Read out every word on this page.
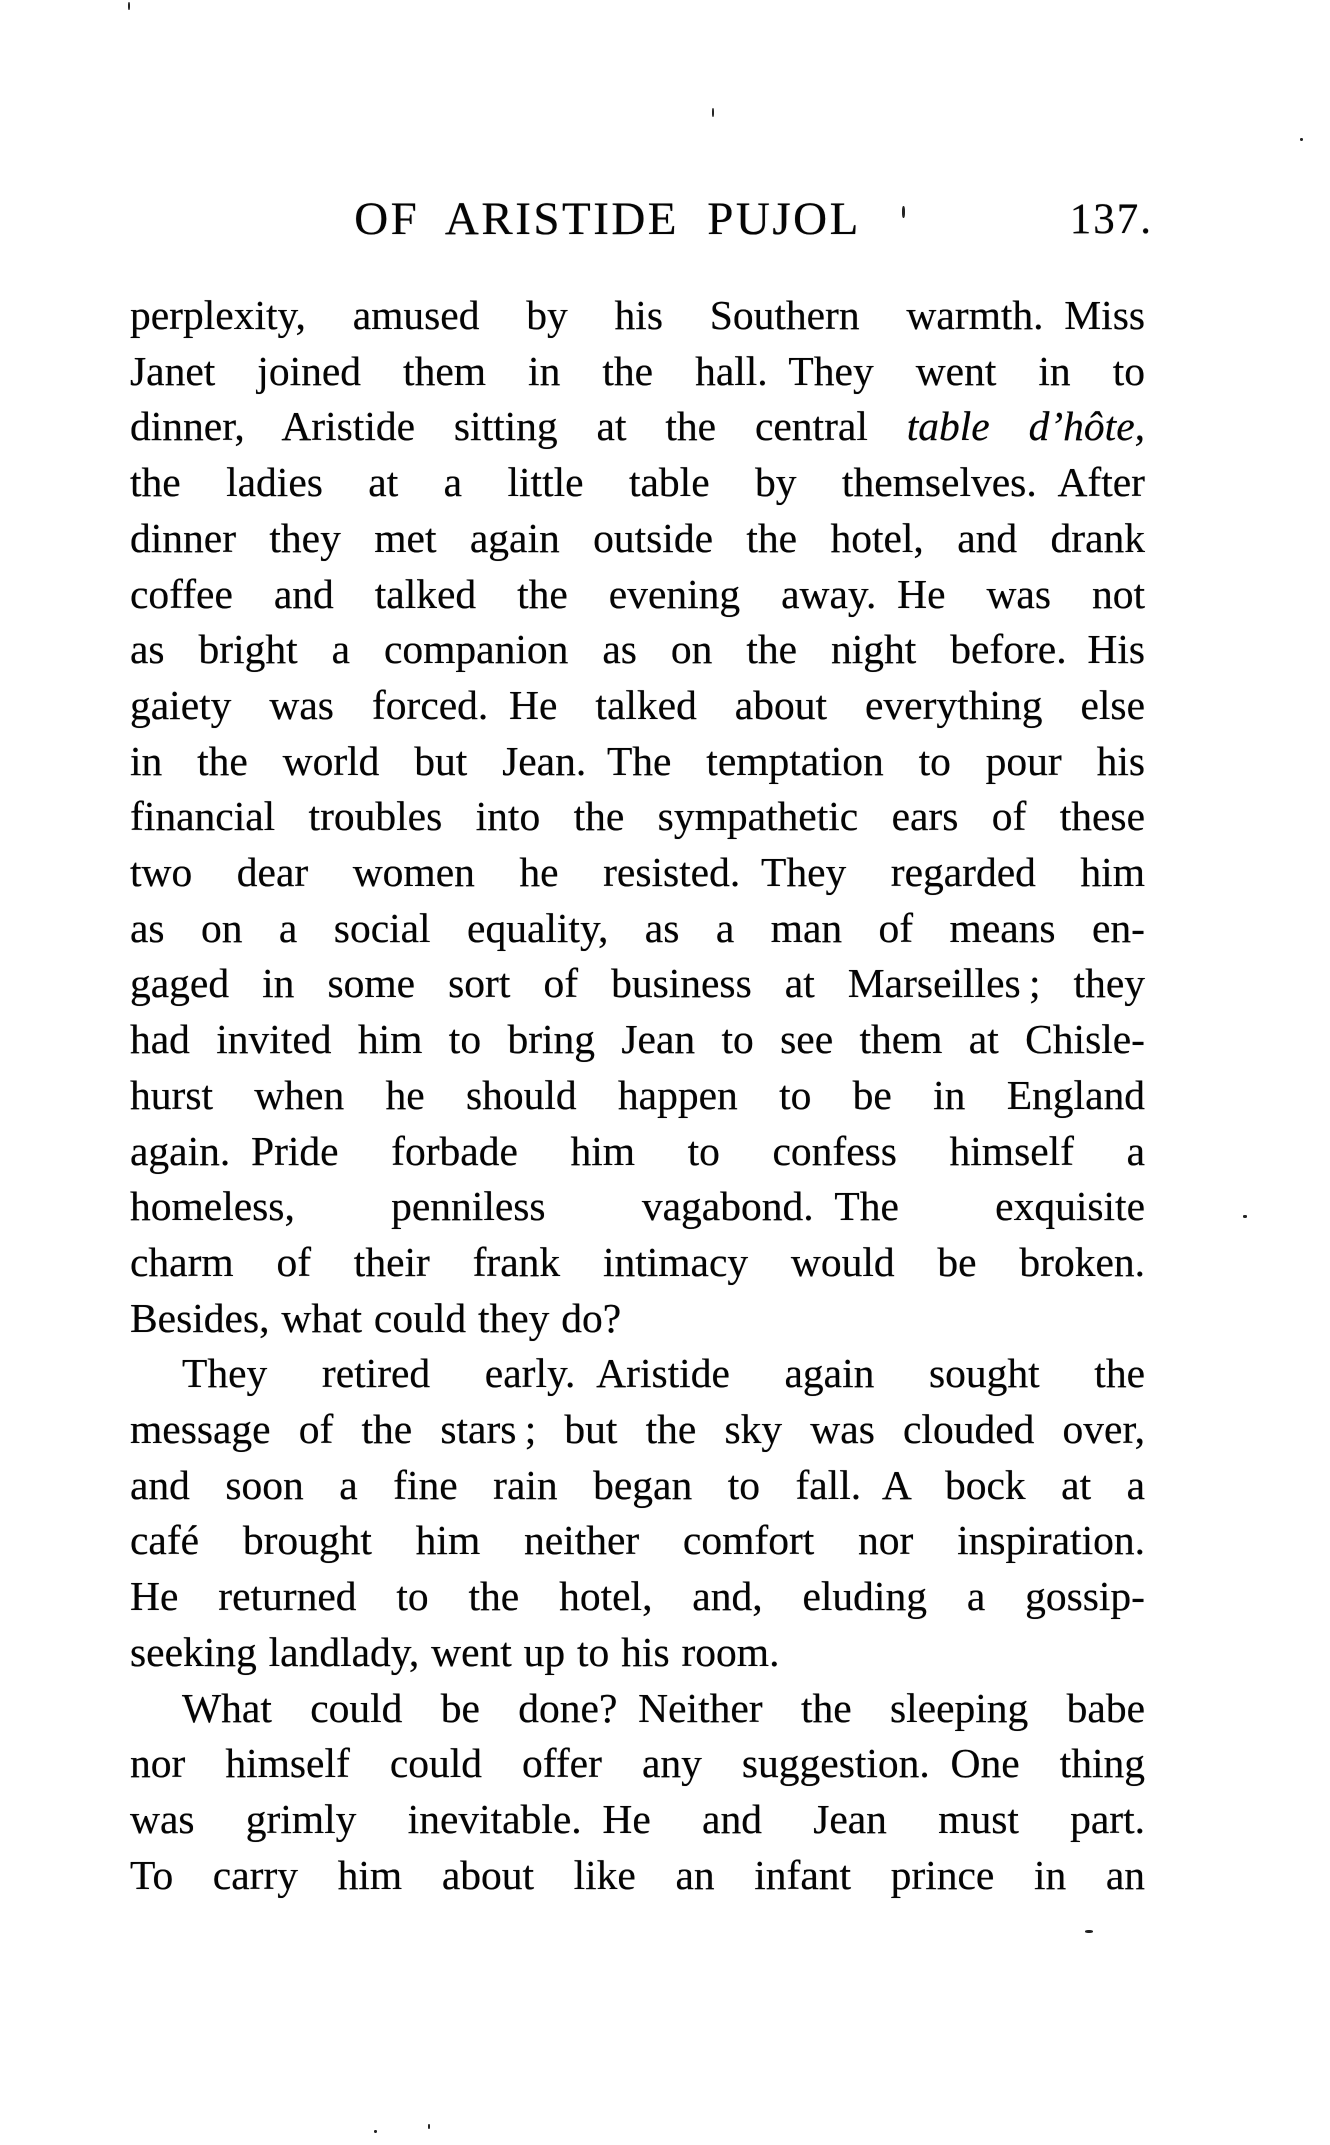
OF ARISTIDE PUJOL	137.
perplexity, amused by his Southern warmth. Miss
Janet joined them in the hall. They went in to
dinner, Aristide sitting at the central table d’hôte,
the ladies at a little table by themselves. After
dinner they met again outside the hotel, and drank
coffee and talked the evening away. He was not
as bright a companion as on the night before. His
gaiety was forced. He talked about everything else
in the world but Jean. The temptation to pour his
financial troubles into the sympathetic ears of these
two dear women he resisted. They regarded him
as on a social equality, as a man of means en-
gaged in some sort of business at Marseilles ; they
had invited him to bring Jean to see them at Chisle-
hurst when he should happen to be in England
again. Pride forbade him to confess himself a
homeless, penniless vagabond. The exquisite
charm of their frank intimacy would be broken.
Besides, what could they do?
They retired early. Aristide again sought the
message of the stars ; but the sky was clouded over,
and soon a fine rain began to fall. A bock at a
café brought him neither comfort nor inspiration.
He returned to the hotel, and, eluding a gossip-
seeking landlady, went up to his room.
What could be done? Neither the sleeping babe
nor himself could offer any suggestion. One thing
was grimly inevitable. He and Jean must part.
To carry him about like an infant prince in an
